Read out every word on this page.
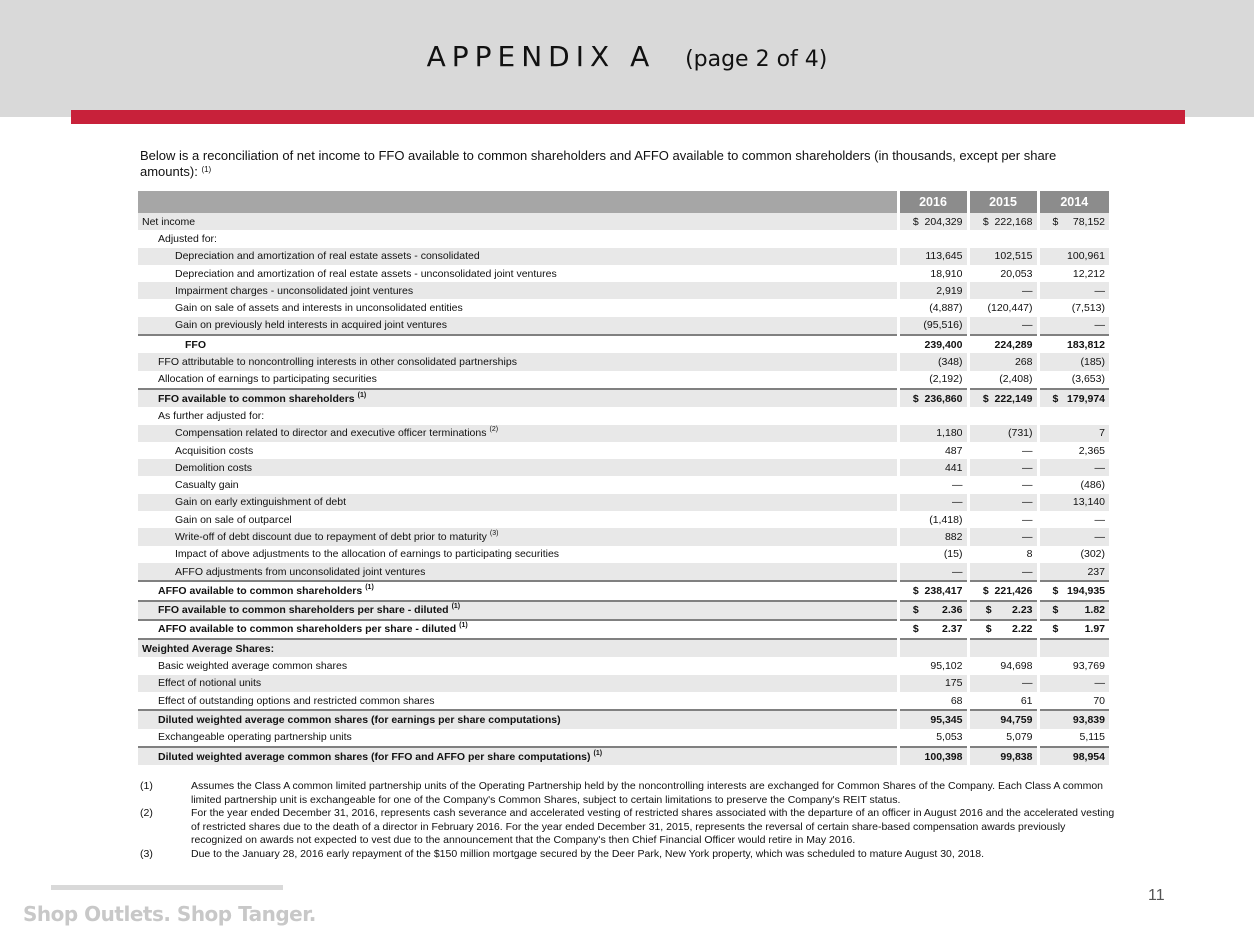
APPENDIX A (page 2 of 4)
Below is a reconciliation of net income to FFO available to common shareholders and AFFO available to common shareholders (in thousands, except per share amounts): $^{(1)}$
	2016	2015	2014
Net income	$  204,329	$  222,168	$     78,152
Adjusted for:			
Depreciation and amortization of real estate assets - consolidated	113,645	102,515	100,961
Depreciation and amortization of real estate assets - unconsolidated joint ventures	18,910	20,053	12,212
Impairment charges - unconsolidated joint ventures	2,919	—	—
Gain on sale of assets and interests in unconsolidated entities	(4,887)	(120,447)	(7,513)
Gain on previously held interests in acquired joint ventures	(95,516)	—	—
FFO	239,400	224,289	183,812
FFO attributable to noncontrolling interests in other consolidated partnerships	(348)	268	(185)
Allocation of earnings to participating securities	(2,192)	(2,408)	(3,653)
FFO available to common shareholders $^{(1)}$	$  236,860	$  222,149	$   179,974
As further adjusted for:			
Compensation related to director and executive officer terminations $^{(2)}$	1,180	(731)	7
Acquisition costs	487	—	2,365
Demolition costs	441	—	—
Casualty gain	—	—	(486)
Gain on early extinguishment of debt	—	—	13,140
Gain on sale of outparcel	(1,418)	—	—
Write-off of debt discount due to repayment of debt prior to maturity $^{(3)}$	882	—	—
Impact of above adjustments to the allocation of earnings to participating securities	(15)	8	(302)
AFFO adjustments from unconsolidated joint ventures	—	—	237
AFFO available to common shareholders $^{(1)}$	$  238,417	$  221,426	$   194,935
FFO available to common shareholders per share - diluted $^{(1)}$	$        2.36	$       2.23	$         1.82
AFFO available to common shareholders per share - diluted $^{(1)}$	$        2.37	$       2.22	$         1.97
Weighted Average Shares:			
Basic weighted average common shares	95,102	94,698	93,769
Effect of notional units	175	—	—
Effect of outstanding options and restricted common shares	68	61	70
Diluted weighted average common shares (for earnings per share computations)	95,345	94,759	93,839
Exchangeable operating partnership units	5,053	5,079	5,115
Diluted weighted average common shares (for FFO and AFFO per share computations) $^{(1)}$	100,398	99,838	98,954
(1)	Assumes the Class A common limited partnership units of the Operating Partnership held by the noncontrolling interests are exchanged for Common Shares of the Company. Each Class A common limited partnership unit is exchangeable for one of the Company's Common Shares, subject to certain limitations to preserve the Company's REIT status.
(2)	For the year ended December 31, 2016, represents cash severance and accelerated vesting of restricted shares associated with the departure of an officer in August 2016 and the accelerated vesting of restricted shares due to the death of a director in February 2016. For the year ended December 31, 2015, represents the reversal of certain share-based compensation awards previously recognized on awards not expected to vest due to the announcement that the Company's then Chief Financial Officer would retire in May 2016.
(3)	Due to the January 28, 2016 early repayment of the $150 million mortgage secured by the Deer Park, New York property, which was scheduled to mature August 30, 2018.
Shop Outlets. Shop Tanger.
11
